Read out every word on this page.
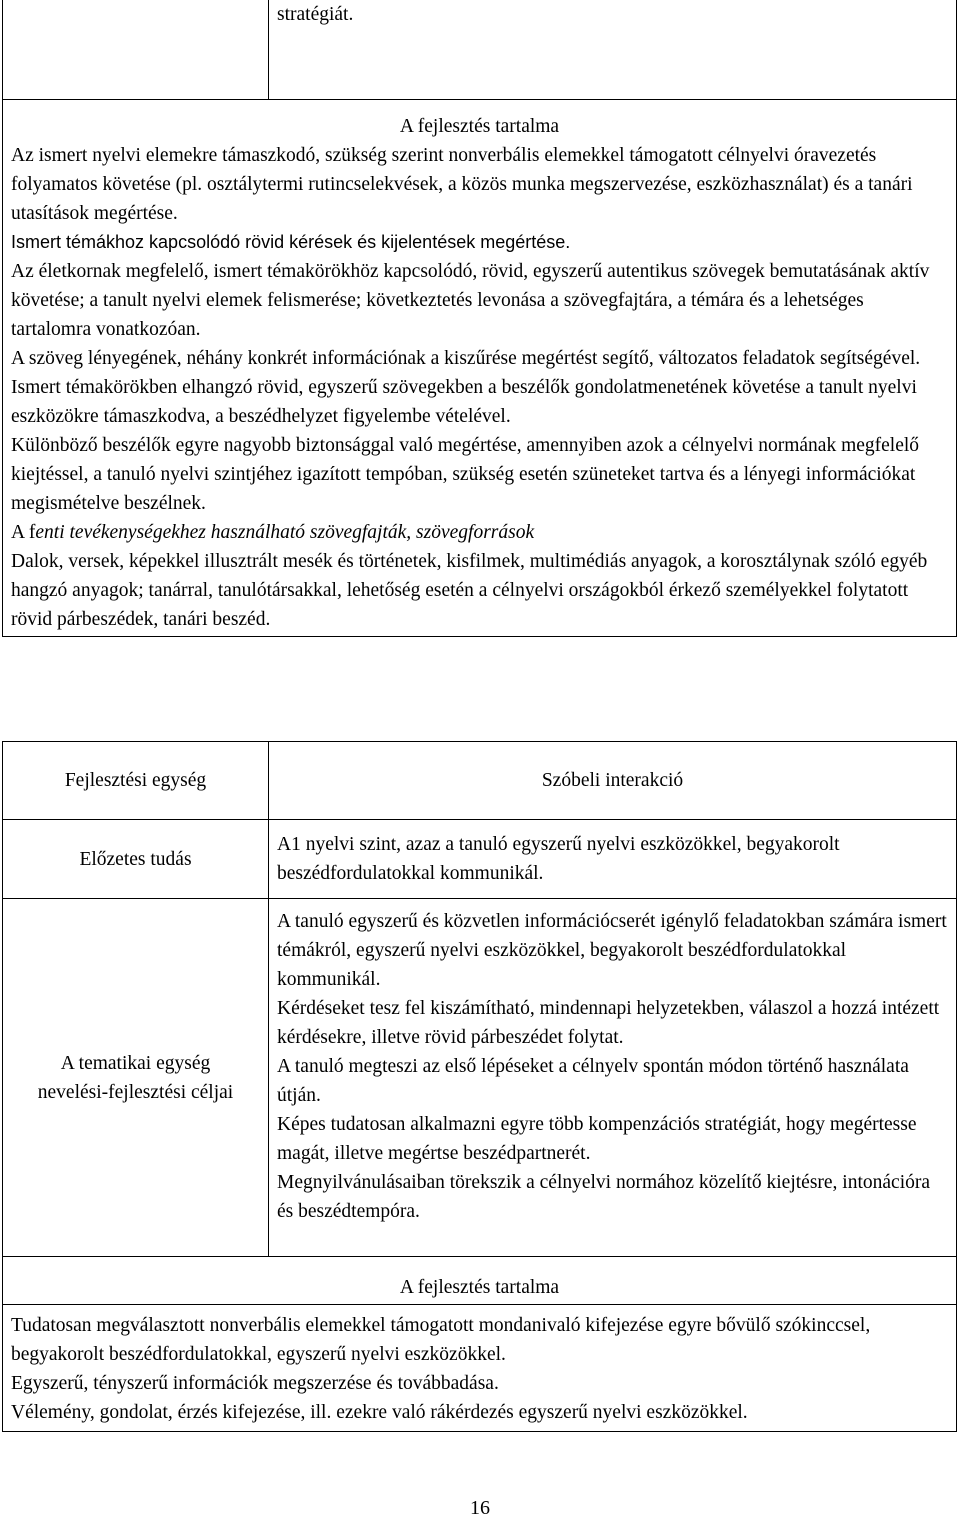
stratégiát.

A fejlesztés tartalma

Az ismert nyelvi elemekre támaszkodó, szükség szerint nonverbális elemekkel támogatott célnyelvi óravezetés folyamatos követése (pl. osztálytermi rutincselekvések, a közös munka megszervezése, eszközhasználat) és a tanári utasítások megértése.

Ismert témákhoz kapcsolódó rövid kérések és kijelentések megértése.

Az életkornak megfelelő, ismert témakörökhöz kapcsolódó, rövid, egyszerű autentikus szövegek bemutatásának aktív követése; a tanult nyelvi elemek felismerése; következtetés levonása a szövegfajtára, a témára és a lehetséges tartalomra vonatkozóan.

A szöveg lényegének, néhány konkrét információnak a kiszűrése megértést segítő, változatos feladatok segítségével.

Ismert témakörökben elhangzó rövid, egyszerű szövegekben a beszélők gondolatmenetének követése a tanult nyelvi eszközökre támaszkodva, a beszédhelyzet figyelembe vételével.

Különböző beszélők egyre nagyobb biztonsággal való megértése, amennyiben azok a célnyelvi normának megfelelő kiejtéssel, a tanuló nyelvi szintjéhez igazított tempóban, szükség esetén szüneteket tartva és a lényegi információkat megismételve beszélnek.

A fenti tevékenységekhez használható szövegfajták, szövegforrások

Dalok, versek, képekkel illusztrált mesék és történetek, kisfilmek, multimédiás anyagok, a korosztálynak szóló egyéb hangzó anyagok; tanárral, tanulótársakkal, lehetőség esetén a célnyelvi országokból érkező személyekkel folytatott rövid párbeszédek, tanári beszéd.

Fejlesztési egység	Szóbeli interakció

Előzetes tudás	A1 nyelvi szint, azaz a tanuló egyszerű nyelvi eszközökkel, begyakorolt beszédfordulatokkal kommunikál.

A tematikai egység nevelési-fejlesztési céljai	A tanuló egyszerű és közvetlen információcserét igénylő feladatokban számára ismert témákról, egyszerű nyelvi eszközökkel, begyakorolt beszédfordulatokkal kommunikál.

Kérdéseket tesz fel kiszámítható, mindennapi helyzetekben, válaszol a hozzá intézett kérdésekre, illetve rövid párbeszédet folytat.

A tanuló megteszi az első lépéseket a célnyelv spontán módon történő használata útján.

Képes tudatosan alkalmazni egyre több kompenzációs stratégiát, hogy megértesse magát, illetve megértse beszédpartnerét.

Megnyilvánulásaiban törekszik a célnyelvi normához közelítő kiejtésre, intonációra és beszédtempóra.

A fejlesztés tartalma	

Tudatosan megválasztott nonverbális elemekkel támogatott mondanivaló kifejezése egyre bővülő szókinccsel, begyakorolt beszédfordulatokkal, egyszerű nyelvi eszközökkel.

Egyszerű, tényszerű információk megszerzése és továbbadása.

Vélemény, gondolat, érzés kifejezése, ill. ezekre való rákérdezés egyszerű nyelvi eszközökkel.	

16
